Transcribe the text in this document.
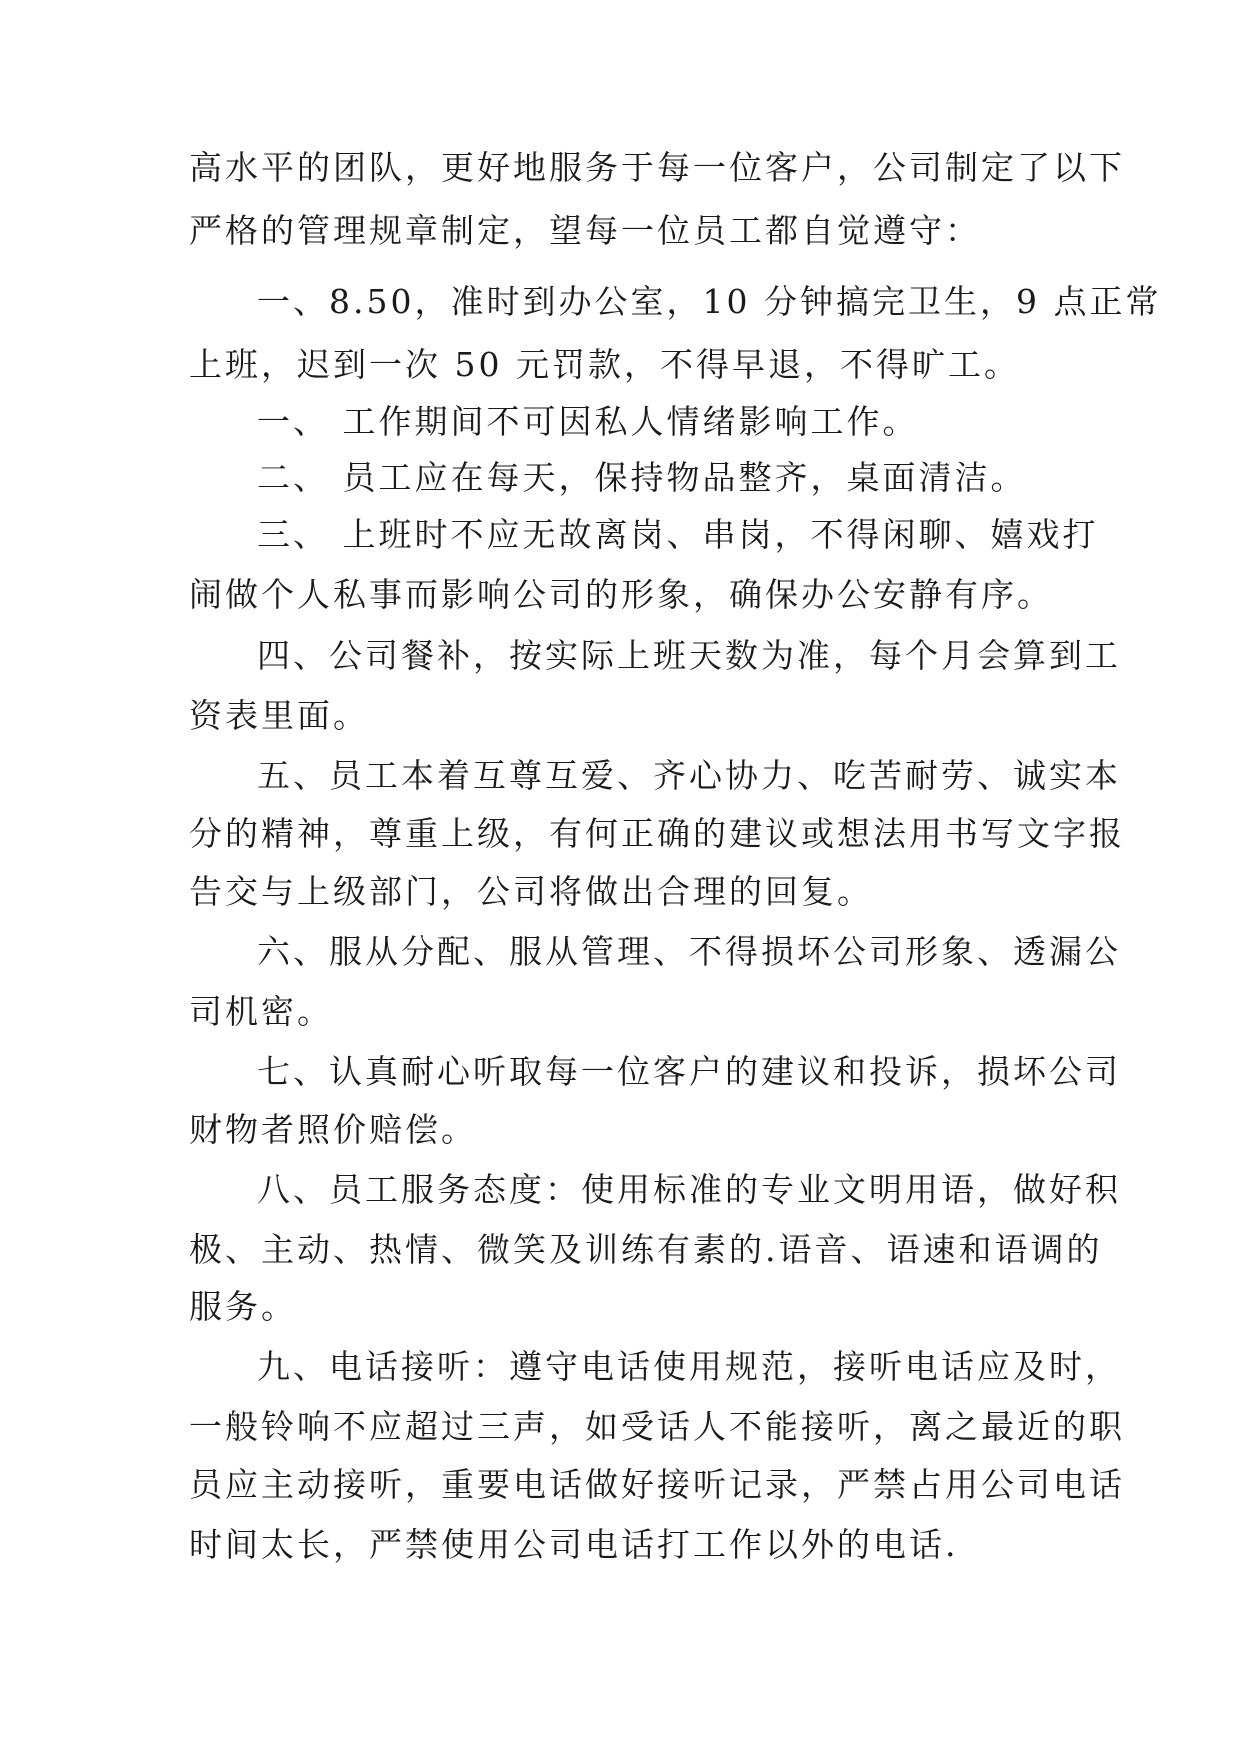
高水平的团队，更好地服务于每一位客户，公司制定了以下
严格的管理规章制定，望每一位员工都自觉遵守：
一、8.50，准时到办公室，10 分钟搞完卫生，9 点正常
上班，迟到一次 50 元罚款，不得早退，不得旷工。
一、 工作期间不可因私人情绪影响工作。
二、 员工应在每天，保持物品整齐，桌面清洁。
三、 上班时不应无故离岗、串岗，不得闲聊、嬉戏打
闹做个人私事而影响公司的形象，确保办公安静有序。
四、公司餐补，按实际上班天数为准，每个月会算到工
资表里面。
五、员工本着互尊互爱、齐心协力、吃苦耐劳、诚实本
分的精神，尊重上级，有何正确的建议或想法用书写文字报
告交与上级部门，公司将做出合理的回复。
六、服从分配、服从管理、不得损坏公司形象、透漏公
司机密。
七、认真耐心听取每一位客户的建议和投诉，损坏公司
财物者照价赔偿。
八、员工服务态度：使用标准的专业文明用语，做好积
极、主动、热情、微笑及训练有素的.语音、语速和语调的
服务。
九、电话接听：遵守电话使用规范，接听电话应及时，
一般铃响不应超过三声，如受话人不能接听，离之最近的职
员应主动接听，重要电话做好接听记录，严禁占用公司电话
时间太长，严禁使用公司电话打工作以外的电话.
